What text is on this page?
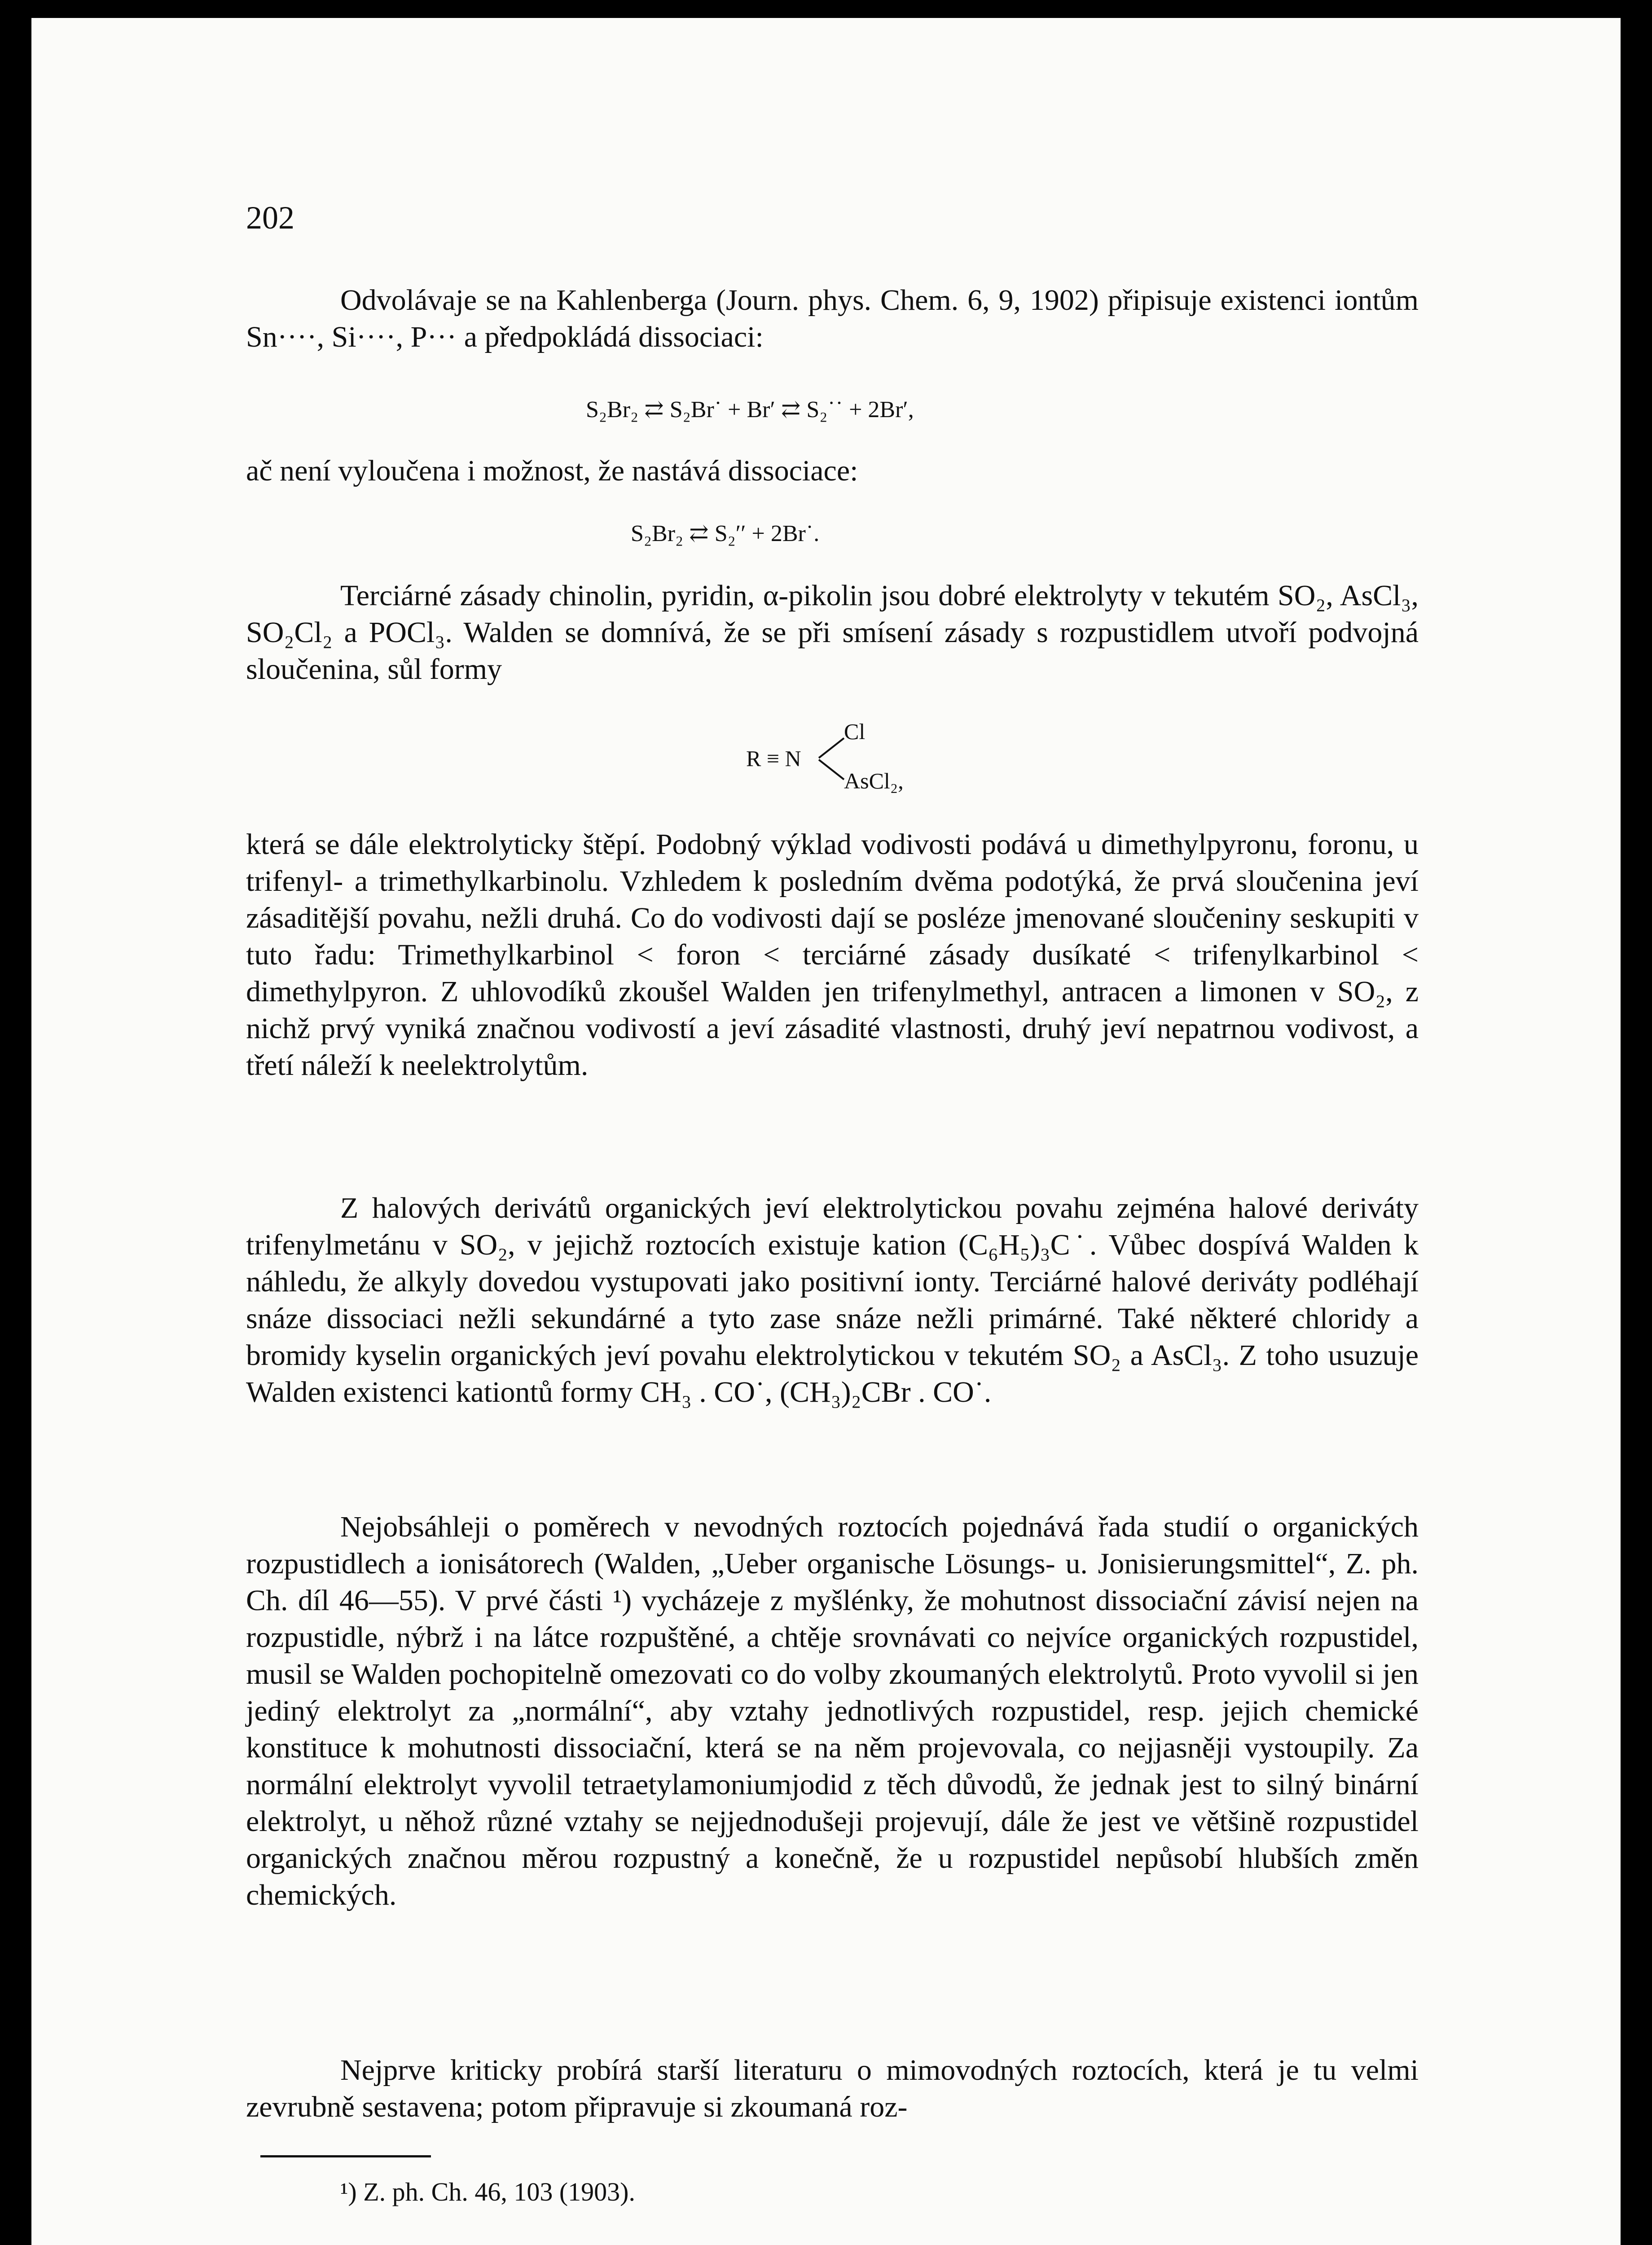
202
Odvolávaje se na Kahlenberga (Journ. phys. Chem. 6, 9, 1902) připisuje existenci iontům Sn····, Si····, P··· a předpokládá dissociaci:
S₂Br₂ ⇄ S₂Br˙ + Br′ ⇄ S₂˙˙ + 2Br′,
ač není vyloučena i možnost, že nastává dissociace:
S₂Br₂ ⇄ S₂′′ + 2Br˙.
Terciárné zásady chinolin, pyridin, α-pikolin jsou dobré elektrolyty v tekutém SO₂, AsCl₃, SO₂Cl₂ a POCl₃. Walden se domnívá, že se při smísení zásady s rozpustidlem utvoří podvojná sloučenina, sůl formy
R ≡ N
Cl
AsCl₂,
která se dále elektrolyticky štěpí. Podobný výklad vodivosti podává u dimethylpyronu, foronu, u trifenyl- a trimethylkarbinolu. Vzhledem k posledním dvěma podotýká, že prvá sloučenina jeví zásaditější povahu, nežli druhá. Co do vodivosti dají se posléze jmenované sloučeniny seskupiti v tuto řadu: Trimethylkarbinol < foron < terciárné zásady dusíkaté < trifenylkarbinol < dimethylpyron. Z uhlovodíků zkoušel Walden jen trifenylmethyl, antracen a limonen v SO₂, z nichž prvý vyniká značnou vodivostí a jeví zásadité vlastnosti, druhý jeví nepatrnou vodivost, a třetí náleží k neelektrolytům.
Z halových derivátů organických jeví elektrolytickou povahu zejména halové deriváty trifenylmetánu v SO₂, v jejichž roztocích existuje kation (C₆H₅)₃C˙. Vůbec dospívá Walden k náhledu, že alkyly dovedou vystupovati jako positivní ionty. Terciárné halové deriváty podléhají snáze dissociaci nežli sekundárné a tyto zase snáze nežli primárné. Také některé chloridy a bromidy kyselin organických jeví povahu elektrolytickou v tekutém SO₂ a AsCl₃. Z toho usuzuje Walden existenci kationtů formy CH₃ . CO˙, (CH₃)₂CBr . CO˙.
Nejobsáhleji o poměrech v nevodných roztocích pojednává řada studií o organických rozpustidlech a ionisátorech (Walden, „Ueber organische Lösungs- u. Jonisierungsmittel“, Z. ph. Ch. díl 46—55). V prvé části ¹) vycházeje z myšlénky, že mohutnost dissociační závisí nejen na rozpustidle, nýbrž i na látce rozpuštěné, a chtěje srovnávati co nejvíce organických rozpustidel, musil se Walden pochopitelně omezovati co do volby zkoumaných elektrolytů. Proto vyvolil si jen jediný elektrolyt za „normální“, aby vztahy jednotlivých rozpustidel, resp. jejich chemické konstituce k mohutnosti dissociační, která se na něm projevovala, co nejjasněji vystoupily. Za normální elektrolyt vyvolil tetraetylamoniumjodid z těch důvodů, že jednak jest to silný binární elektrolyt, u něhož různé vztahy se nejjednodušeji projevují, dále že jest ve většině rozpustidel organických značnou měrou rozpustný a konečně, že u rozpustidel nepůsobí hlubších změn chemických.
Nejprve kriticky probírá starší literaturu o mimovodných roztocích, která je tu velmi zevrubně sestavena; potom připravuje si zkoumaná roz-
¹) Z. ph. Ch. 46, 103 (1903).
